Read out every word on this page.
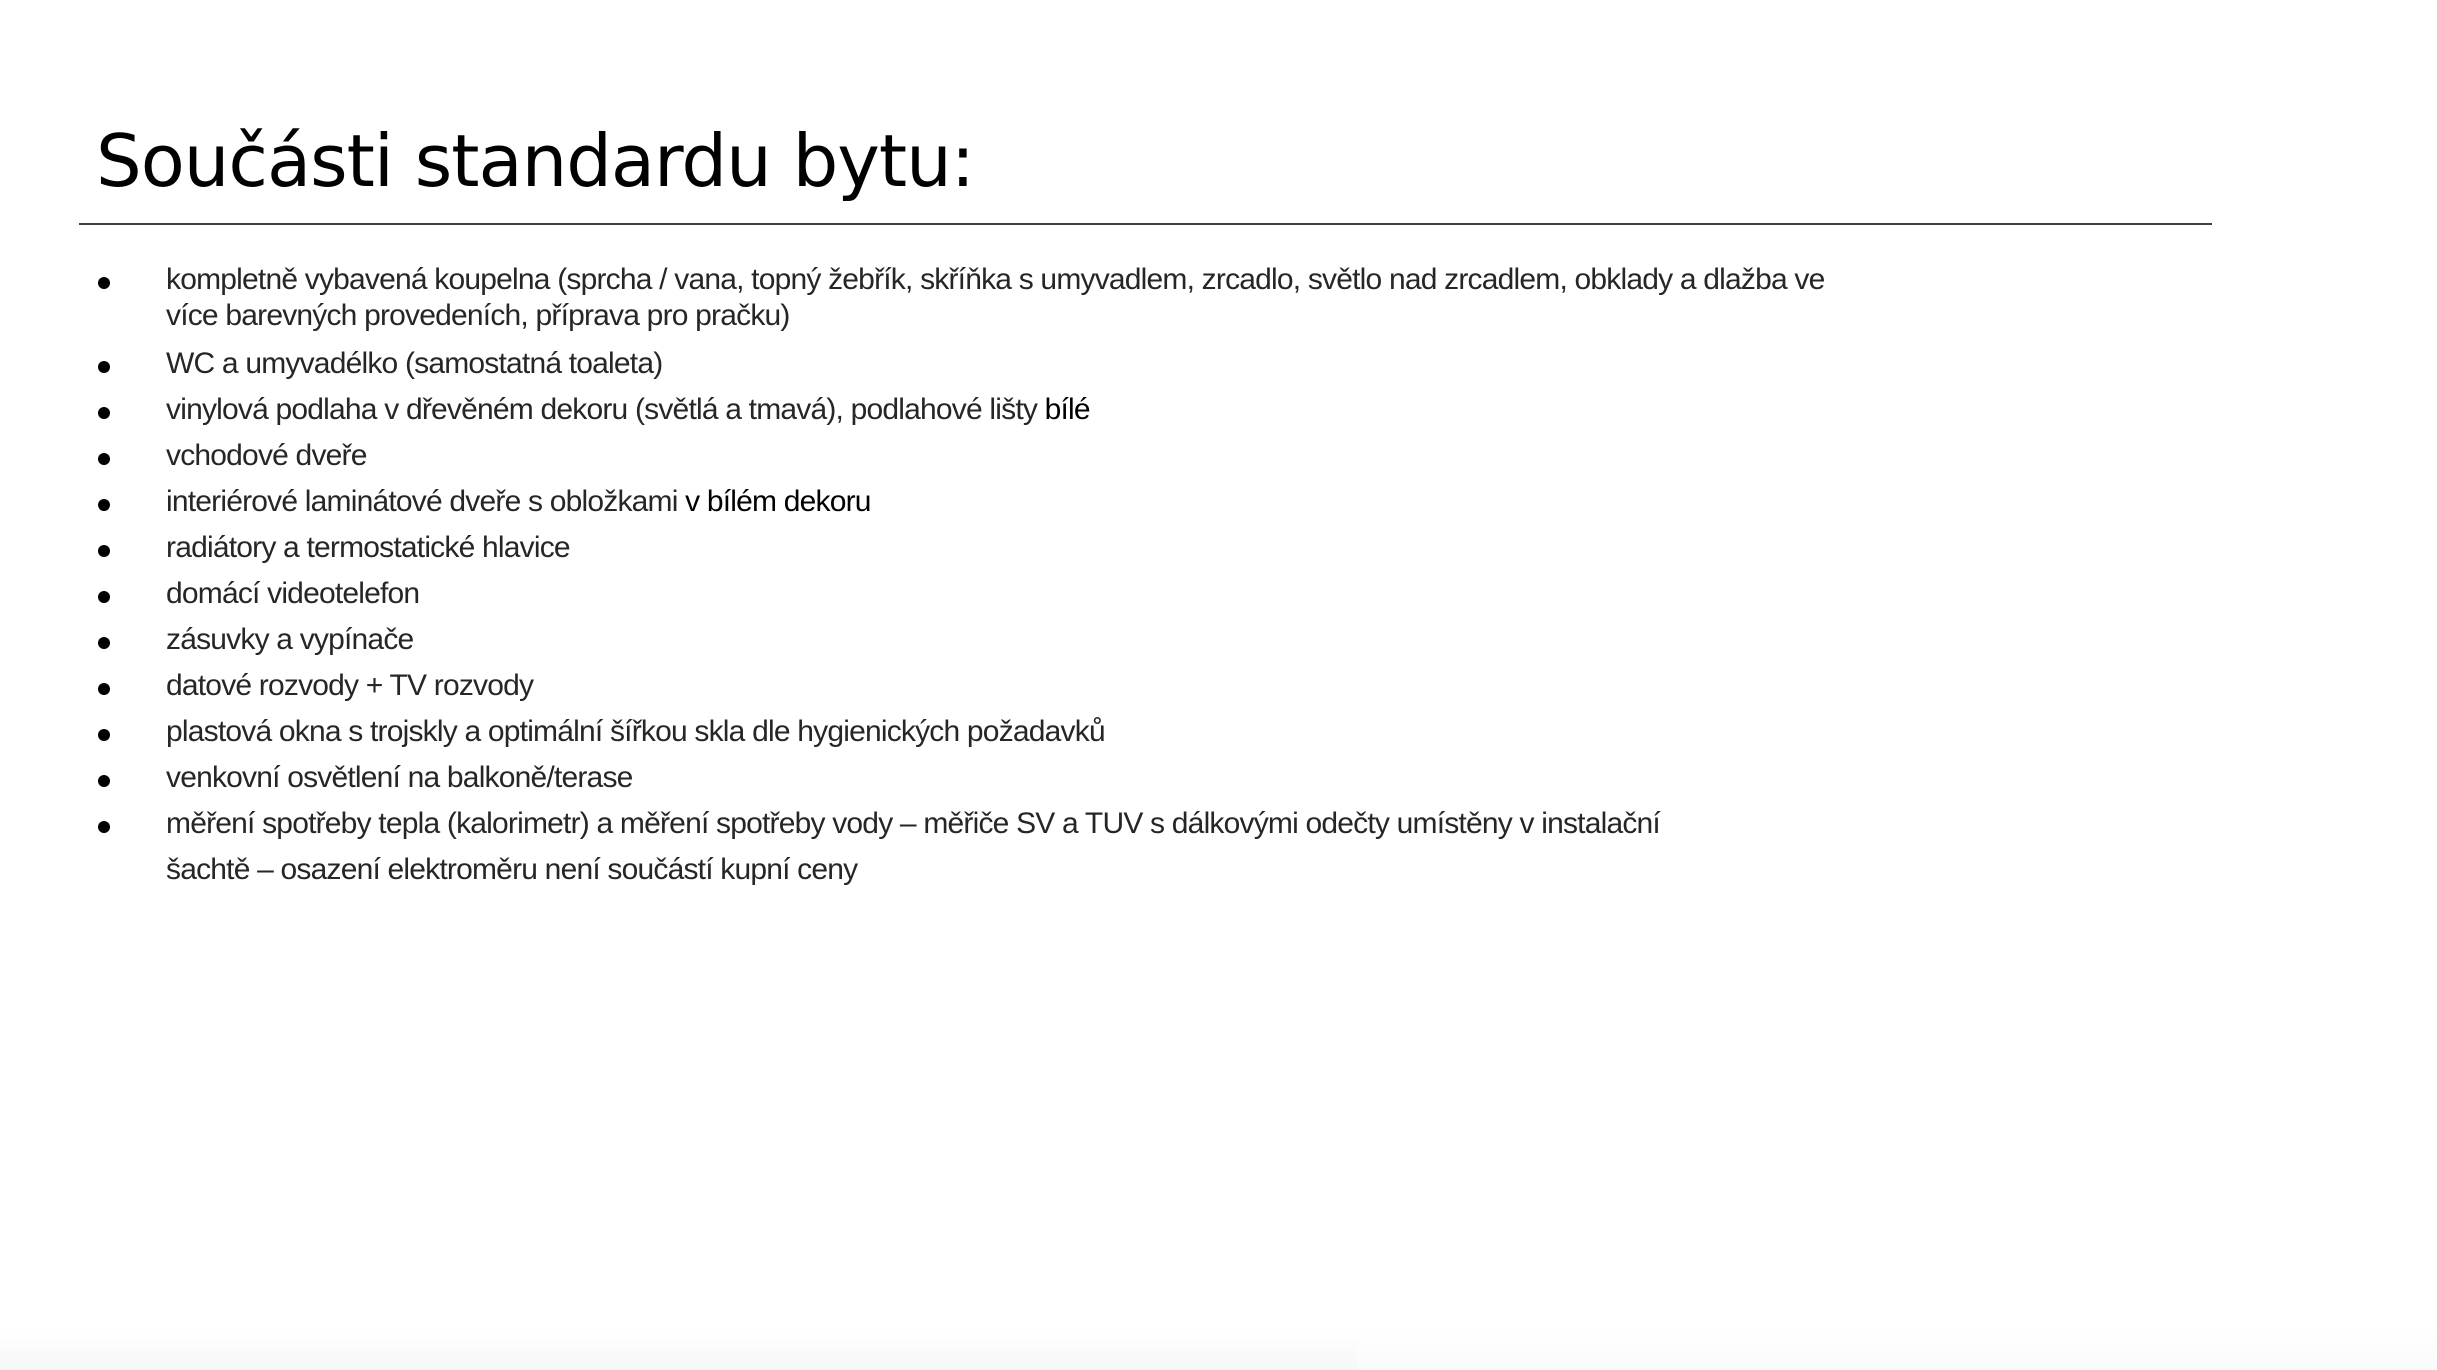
Součásti standardu bytu:
kompletně vybavená koupelna (sprcha / vana, topný žebřík, skříňka s umyvadlem, zrcadlo, světlo nad zrcadlem, obklady a dlažba ve
více barevných provedeních, příprava pro pračku)
WC a umyvadélko (samostatná toaleta)
vinylová podlaha v dřevěném dekoru (světlá a tmavá), podlahové lišty bílé
vchodové dveře
interiérové laminátové dveře s obložkami v bílém dekoru
radiátory a termostatické hlavice
domácí videotelefon
zásuvky a vypínače
datové rozvody + TV rozvody
plastová okna s trojskly a optimální šířkou skla dle hygienických požadavků
venkovní osvětlení na balkoně/terase
měření spotřeby tepla (kalorimetr) a měření spotřeby vody – měřiče SV a TUV s dálkovými odečty umístěny v instalační
šachtě – osazení elektroměru není součástí kupní ceny
